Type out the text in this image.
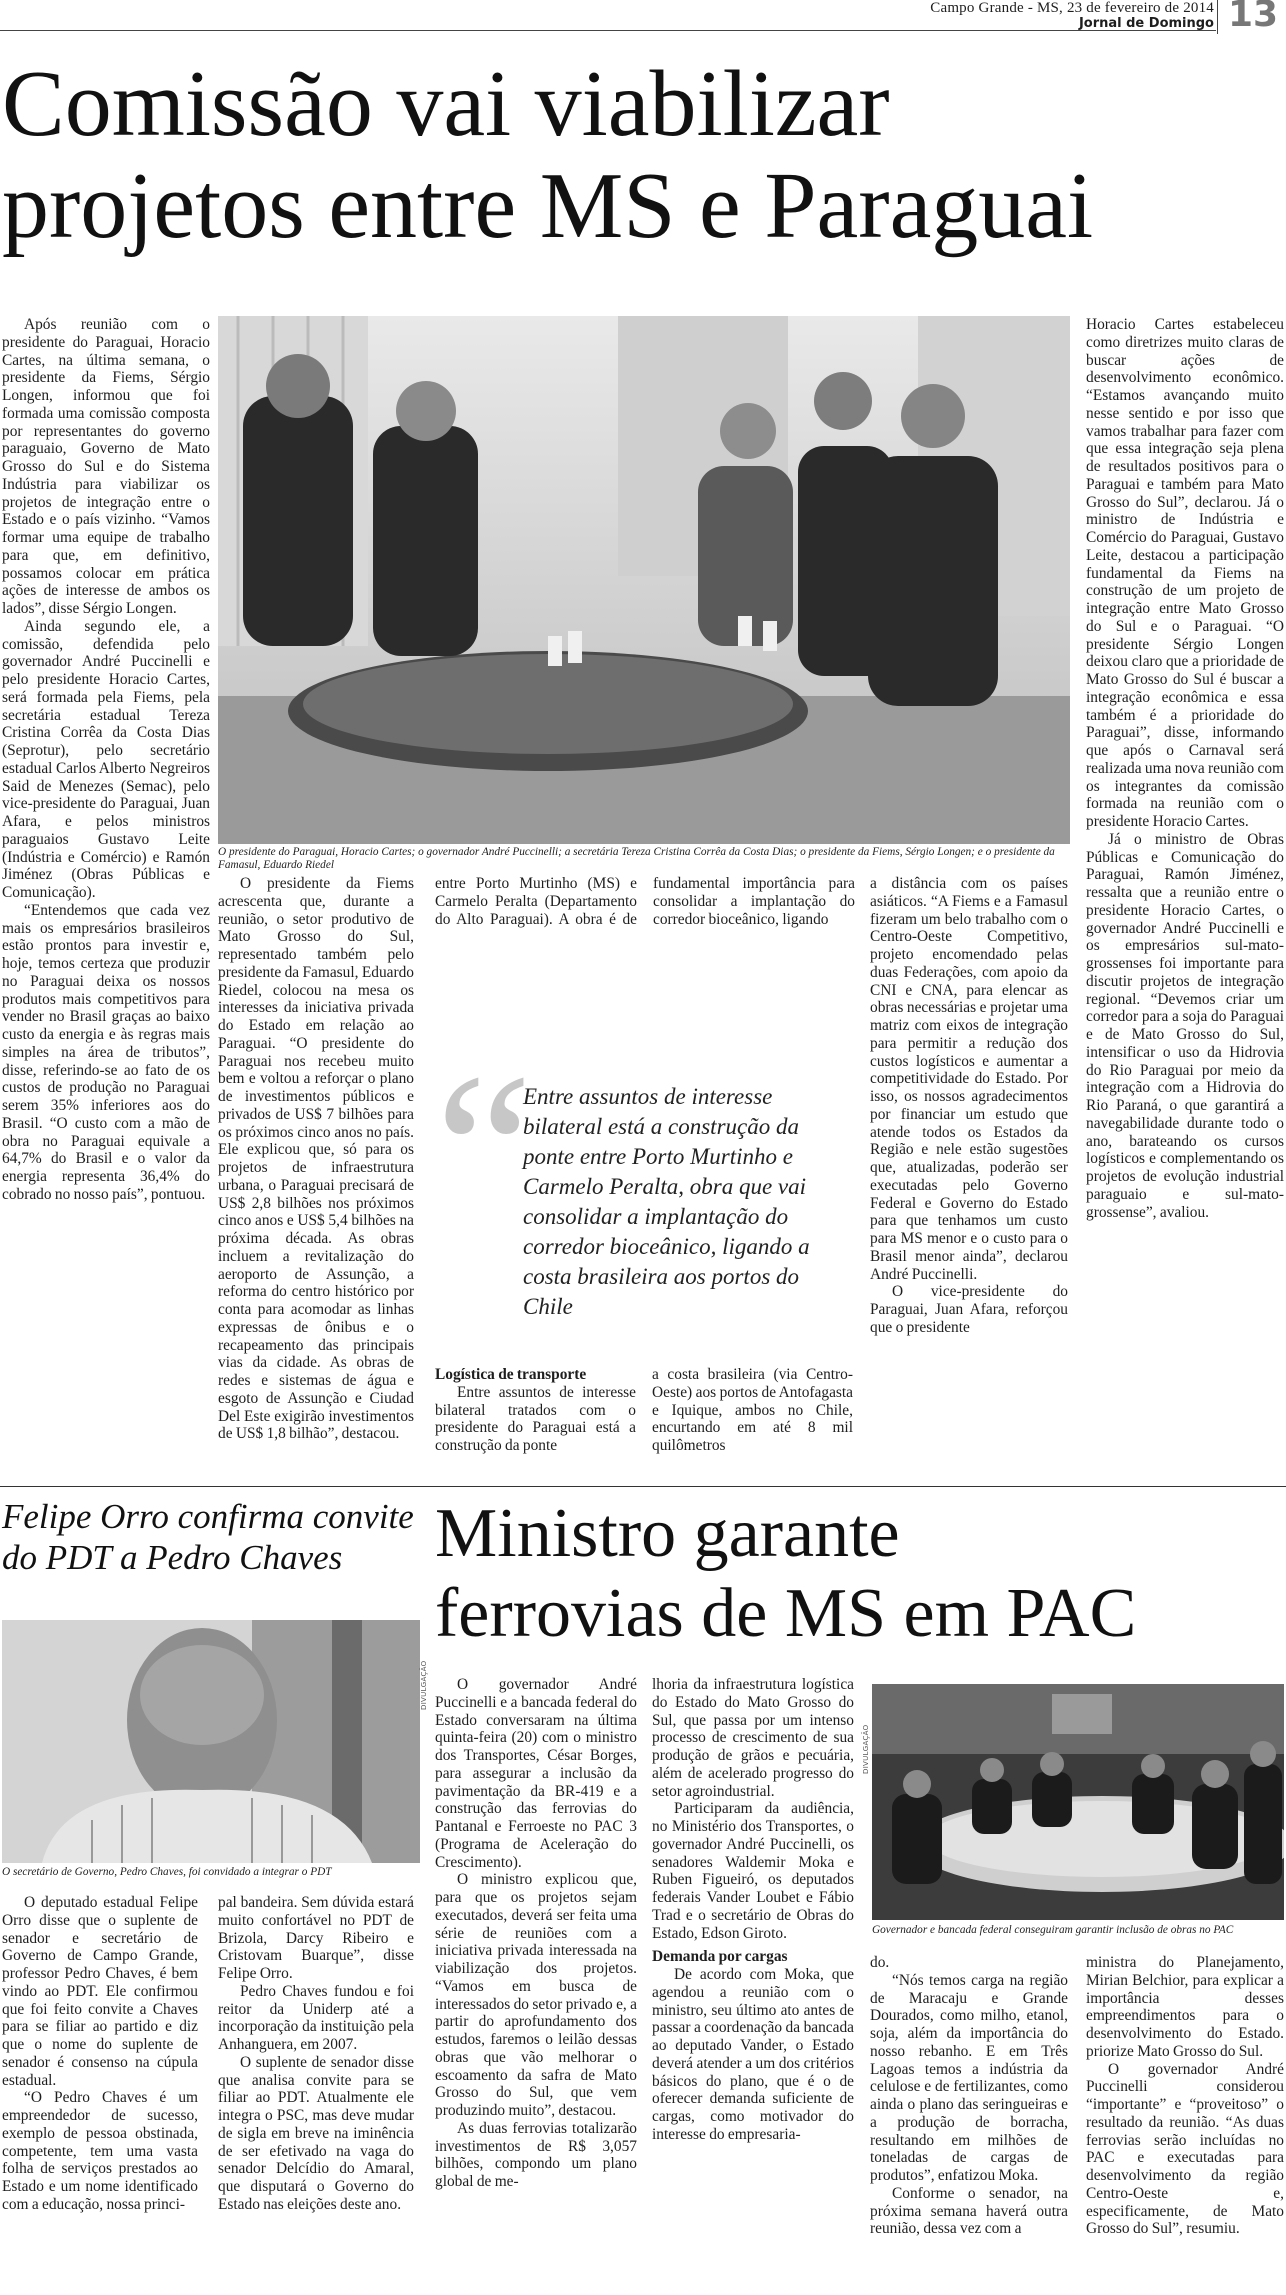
Campo Grande - MS, 23 de fevereiro de 2014
Jornal de Domingo 13
Comissão vai viabilizar
projetos entre MS e Paraguai

Após reunião com o presidente do Paraguai, Horacio Cartes, na última semana, o presidente da Fiems, Sérgio Longen, informou que foi formada uma comissão composta por representantes do governo paraguaio, Governo de Mato Grosso do Sul e do Sistema Indústria para viabilizar os projetos de integração entre o Estado e o país vizinho. “Vamos formar uma equipe de trabalho para que, em definitivo, possamos colocar em prática ações de interesse de ambos os lados”, disse Sérgio Longen.

Ainda segundo ele, a comissão, defendida pelo governador André Puccinelli e pelo presidente Horacio Cartes, será formada pela Fiems, pela secretária estadual Tereza Cristina Corrêa da Costa Dias (Seprotur), pelo secretário estadual Carlos Alberto Negreiros Said de Menezes (Semac), pelo vice-presidente do Paraguai, Juan Afara, e pelos ministros paraguaios Gustavo Leite (Indústria e Comércio) e Ramón Jiménez (Obras Públicas e Comunicação).

“Entendemos que cada vez mais os empresários brasileiros estão prontos para investir e, hoje, temos certeza que produzir no Paraguai deixa os nossos produtos mais competitivos para vender no Brasil graças ao baixo custo da energia e às regras mais simples na área de tributos”, disse, referindo-se ao fato de os custos de produção no Paraguai serem 35% inferiores aos do Brasil. “O custo com a mão de obra no Paraguai equivale a 64,7% do Brasil e o valor da energia representa 36,4% do cobrado no nosso país”, pontuou.

O presidente do Paraguai, Horacio Cartes; o governador André Puccinelli; a secretária Tereza Cristina Corrêa da Costa Dias; o presidente da Fiems, Sérgio Longen; e o presidente da Famasul, Eduardo Riedel

O presidente da Fiems acrescenta que, durante a reunião, o setor produtivo de Mato Grosso do Sul, representado também pelo presidente da Famasul, Eduardo Riedel, colocou na mesa os interesses da iniciativa privada do Estado em relação ao Paraguai. “O presidente do Paraguai nos recebeu muito bem e voltou a reforçar o plano de investimentos públicos e privados de US$ 7 bilhões para os próximos cinco anos no país. Ele explicou que, só para os projetos de infraestrutura urbana, o Paraguai precisará de US$ 2,8 bilhões nos próximos cinco anos e US$ 5,4 bilhões na próxima década. As obras incluem a revitalização do aeroporto de Assunção, a reforma do centro histórico por conta para acomodar as linhas expressas de ônibus e o recapeamento das principais vias da cidade. As obras de redes e sistemas de água e esgoto de Assunção e Ciudad Del Este exigirão investimentos de US$ 1,8 bilhão”, destacou.

entre Porto Murtinho (MS) e Carmelo Peralta (Departamento do Alto Paraguai). A obra é de fundamental importância para consolidar a implantação do corredor bioceânico, ligando

“
Entre assuntos de interesse bilateral está a construção da ponte entre Porto Murtinho e Carmelo Peralta, obra que vai consolidar a implantação do corredor bioceânico, ligando a costa brasileira aos portos do Chile

Logística de transporte

Entre assuntos de interesse bilateral tratados com o presidente do Paraguai está a construção da ponte

a costa brasileira (via Centro-Oeste) aos portos de Antofagasta e Iquique, ambos no Chile, encurtando em até 8 mil quilômetros

a distância com os países asiáticos. “A Fiems e a Famasul fizeram um belo trabalho com o Centro-Oeste Competitivo, projeto encomendado pelas duas Federações, com apoio da CNI e CNA, para elencar as obras necessárias e projetar uma matriz com eixos de integração para permitir a redução dos custos logísticos e aumentar a competitividade do Estado. Por isso, os nossos agradecimentos por financiar um estudo que atende todos os Estados da Região e nele estão sugestões que, atualizadas, poderão ser executadas pelo Governo Federal e Governo do Estado para que tenhamos um custo para MS menor e o custo para o Brasil menor ainda”, declarou André Puccinelli.

O vice-presidente do Paraguai, Juan Afara, reforçou que o presidente

Horacio Cartes estabeleceu como diretrizes muito claras de buscar ações de desenvolvimento econômico. “Estamos avançando muito nesse sentido e por isso que vamos trabalhar para fazer com que essa integração seja plena de resultados positivos para o Paraguai e também para Mato Grosso do Sul”, declarou. Já o ministro de Indústria e Comércio do Paraguai, Gustavo Leite, destacou a participação fundamental da Fiems na construção de um projeto de integração entre Mato Grosso do Sul e o Paraguai. “O presidente Sérgio Longen deixou claro que a prioridade de Mato Grosso do Sul é buscar a integração econômica e essa também é a prioridade do Paraguai”, disse, informando que após o Carnaval será realizada uma nova reunião com os integrantes da comissão formada na reunião com o presidente Horacio Cartes.

Já o ministro de Obras Públicas e Comunicação do Paraguai, Ramón Jiménez, ressalta que a reunião entre o presidente Horacio Cartes, o governador André Puccinelli e os empresários sul-mato-grossenses foi importante para discutir projetos de integração regional. “Devemos criar um corredor para a soja do Paraguai e de Mato Grosso do Sul, intensificar o uso da Hidrovia do Rio Paraguai por meio da integração com a Hidrovia do Rio Paraná, o que garantirá a navegabilidade durante todo o ano, barateando os cursos logísticos e complementando os projetos de evolução industrial paraguaio e sul-mato-grossense”, avaliou.

Felipe Orro confirma convite do PDT a Pedro Chaves
DIVULGAÇÃO
O secretário de Governo, Pedro Chaves, foi convidado a integrar o PDT

O deputado estadual Felipe Orro disse que o suplente de senador e secretário de Governo de Campo Grande, professor Pedro Chaves, é bem vindo ao PDT. Ele confirmou que foi feito convite a Chaves para se filiar ao partido e diz que o nome do suplente de senador é consenso na cúpula estadual.

“O Pedro Chaves é um empreendedor de sucesso, exemplo de pessoa obstinada, competente, tem uma vasta folha de serviços prestados ao Estado e um nome identificado com a educação, nossa princi-

pal bandeira. Sem dúvida estará muito confortável no PDT de Brizola, Darcy Ribeiro e Cristovam Buarque”, disse Felipe Orro.

Pedro Chaves fundou e foi reitor da Uniderp até a incorporação da instituição pela Anhanguera, em 2007.

O suplente de senador disse que analisa convite para se filiar ao PDT. Atualmente ele integra o PSC, mas deve mudar de sigla em breve na iminência de ser efetivado na vaga do senador Delcídio do Amaral, que disputará o Governo do Estado nas eleições deste ano.

Ministro garante
ferrovias de MS em PAC

O governador André Puccinelli e a bancada federal do Estado conversaram na última quinta-feira (20) com o ministro dos Transportes, César Borges, para assegurar a inclusão da pavimentação da BR-419 e a construção das ferrovias do Pantanal e Ferroeste no PAC 3 (Programa de Aceleração do Crescimento).

O ministro explicou que, para que os projetos sejam executados, deverá ser feita uma série de reuniões com a iniciativa privada interessada na viabilização dos projetos. “Vamos em busca de interessados do setor privado e, a partir do aprofundamento dos estudos, faremos o leilão dessas obras que vão melhorar o escoamento da safra de Mato Grosso do Sul, que vem produzindo muito”, destacou.

As duas ferrovias totalizarão investimentos de R$ 3,057 bilhões, compondo um plano global de me-

lhoria da infraestrutura logística do Estado do Mato Grosso do Sul, que passa por um intenso processo de crescimento de sua produção de grãos e pecuária, além de acelerado progresso do setor agroindustrial.

Participaram da audiência, no Ministério dos Transportes, o governador André Puccinelli, os senadores Waldemir Moka e Ruben Figueiró, os deputados federais Vander Loubet e Fábio Trad e o secretário de Obras do Estado, Edson Giroto.

Demanda por cargas

De acordo com Moka, que agendou a reunião com o ministro, seu último ato antes de passar a coordenação da bancada ao deputado Vander, o Estado deverá atender a um dos critérios básicos do plano, que é o de oferecer demanda suficiente de cargas, como motivador do interesse do empresaria-

DIVULGAÇÃO
Governador e bancada federal conseguiram garantir inclusão de obras no PAC

do.

“Nós temos carga na região de Maracaju e Grande Dourados, como milho, etanol, soja, além da importância do nosso rebanho. E em Três Lagoas temos a indústria da celulose e de fertilizantes, como ainda o plano das seringueiras e a produção de borracha, resultando em milhões de toneladas de cargas de produtos”, enfatizou Moka.

Conforme o senador, na próxima semana haverá outra reunião, dessa vez com a

ministra do Planejamento, Mirian Belchior, para explicar a importância desses empreendimentos para o desenvolvimento do Estado. priorize Mato Grosso do Sul.

O governador André Puccinelli considerou “importante” e “proveitoso” o resultado da reunião. “As duas ferrovias serão incluídas no PAC e executadas para desenvolvimento da região Centro-Oeste e, especificamente, de Mato Grosso do Sul”, resumiu.
